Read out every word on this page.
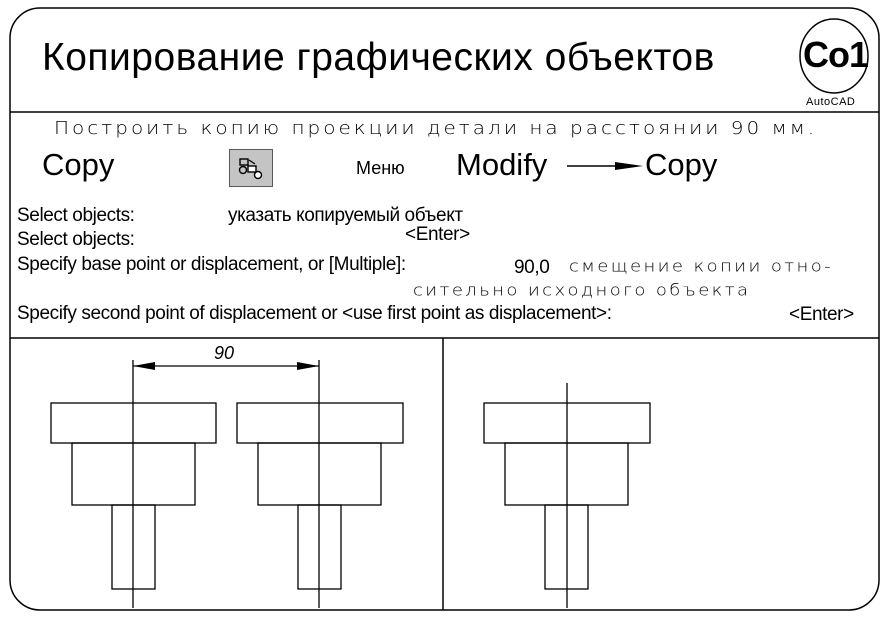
Копирование графических объектов Co1
AutoCAD
Построить копию проекции детали на расстоянии 90 мм.
Copy	Меню Modify	Copy
Select objects:	указать копируемый объект
Select objects:	<Enter>
Specify base point or displacement, or [Multiple]:	90,0 смещение копии отно-
сительно исходного объекта
Specify second point of displacement or <use first point as displacement>:	<Enter>
90
